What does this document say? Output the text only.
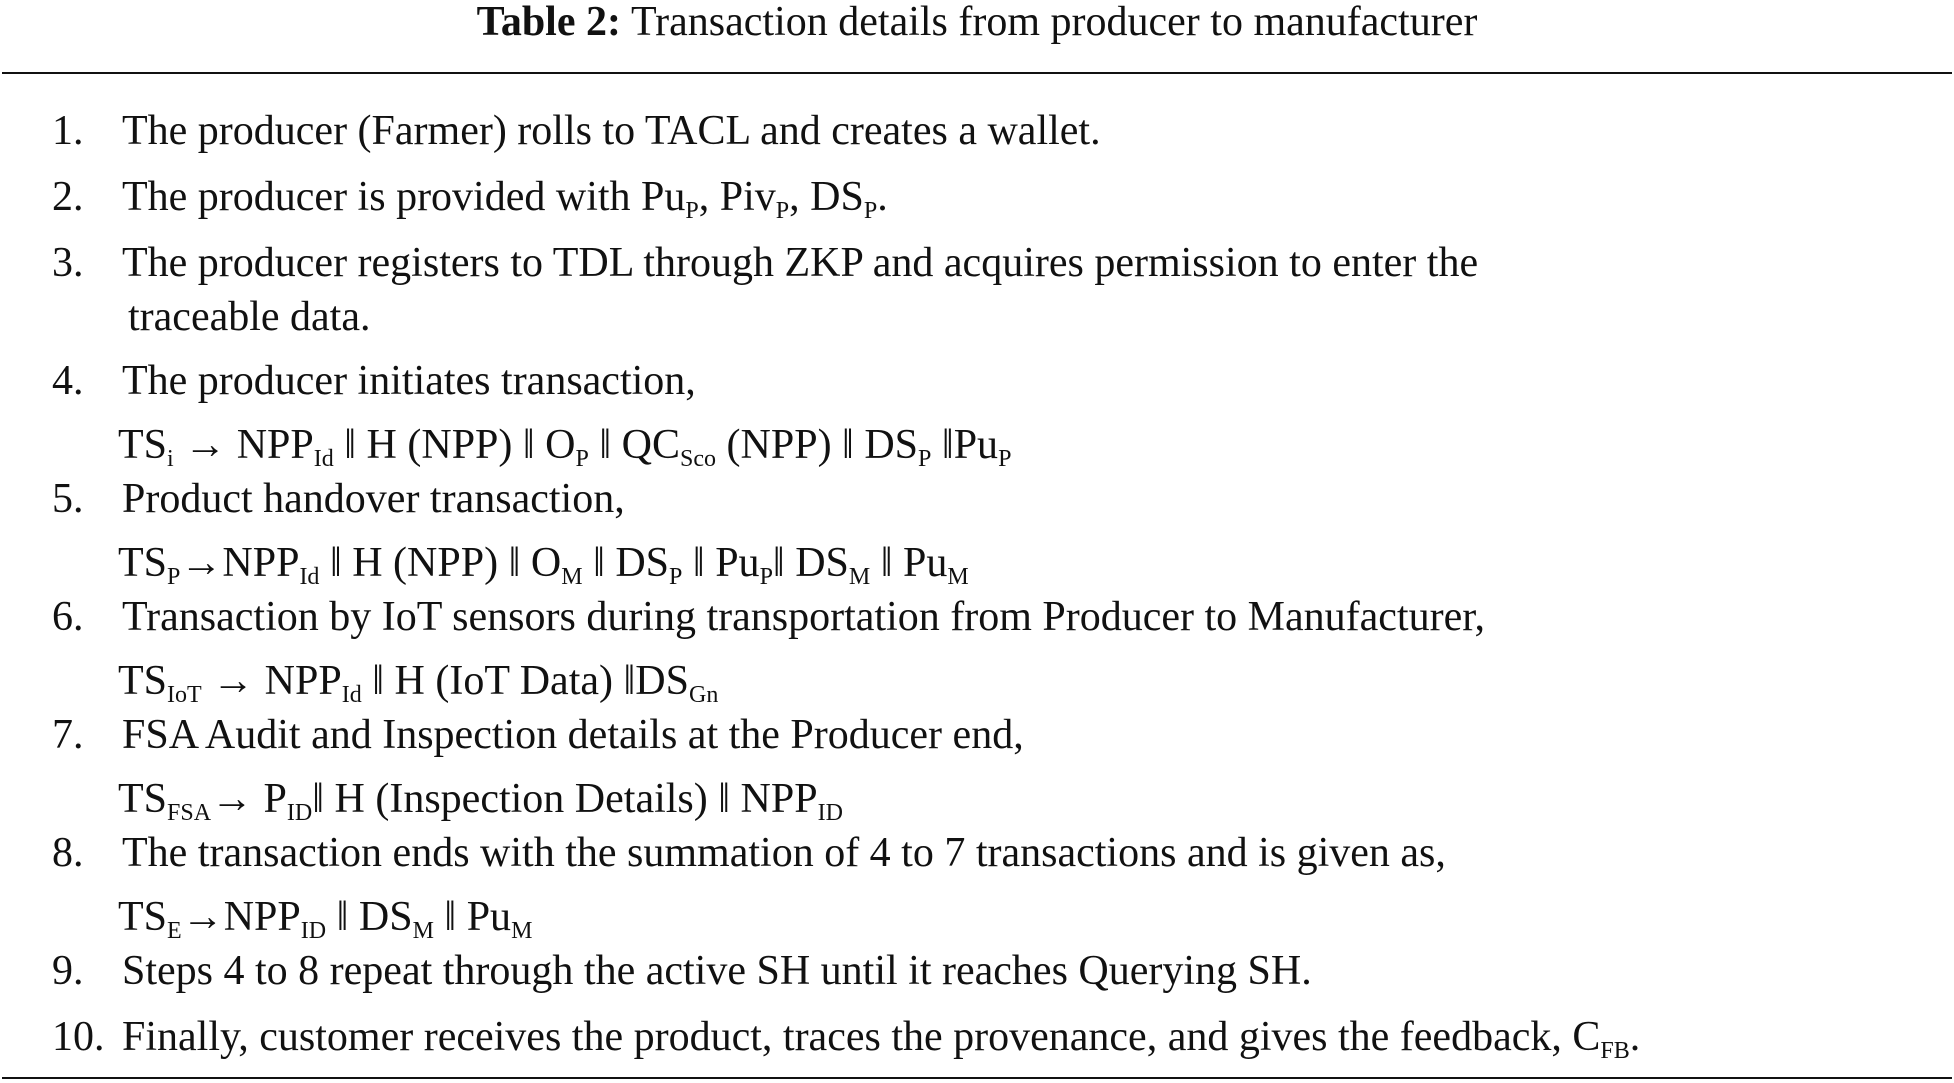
Table 2: Transaction details from producer to manufacturer
1. The producer (Farmer) rolls to TACL and creates a wallet.
2. The producer is provided with $Pu_P$, Piv$_P$, $DS_P$.
3. The producer registers to TDL through ZKP and acquires permission to enter the
traceable data.
4. The producer initiates transaction,
$TS_i \to NPP_{Id}$ ‖ H (NPP) ‖ $O_P$ ‖ $QC_{Sco}$ (NPP) ‖ $DS_P$ $‖Pu_P$
5. Product handover transaction,
$TS_P\to NPP_{Id}$ ‖ H (NPP) ‖ $O_M$ ‖ $DS_P$ ‖ $Pu_P‖$ $DS_M$ ‖ $Pu_M$
6. Transaction by IoT sensors during transportation from Producer to Manufacturer,
$TS_{IoT} \to NPP_{Id}$ ‖ H (IoT Data) $‖DS_{Gn}$
7. FSA Audit and Inspection details at the Producer end,
$TS_{FSA}\to$ $P_{ID}‖$ H (Inspection Details) ‖ $NPP_{ID}$
8. The transaction ends with the summation of 4 to 7 transactions and is given as,
$TS_E\to NPP_{ID}$ ‖ $DS_M$ ‖ $Pu_M$
9. Steps 4 to 8 repeat through the active SH until it reaches Querying SH.
10. Finally, customer receives the product, traces the provenance, and gives the feedback, $C_{FB}$.
